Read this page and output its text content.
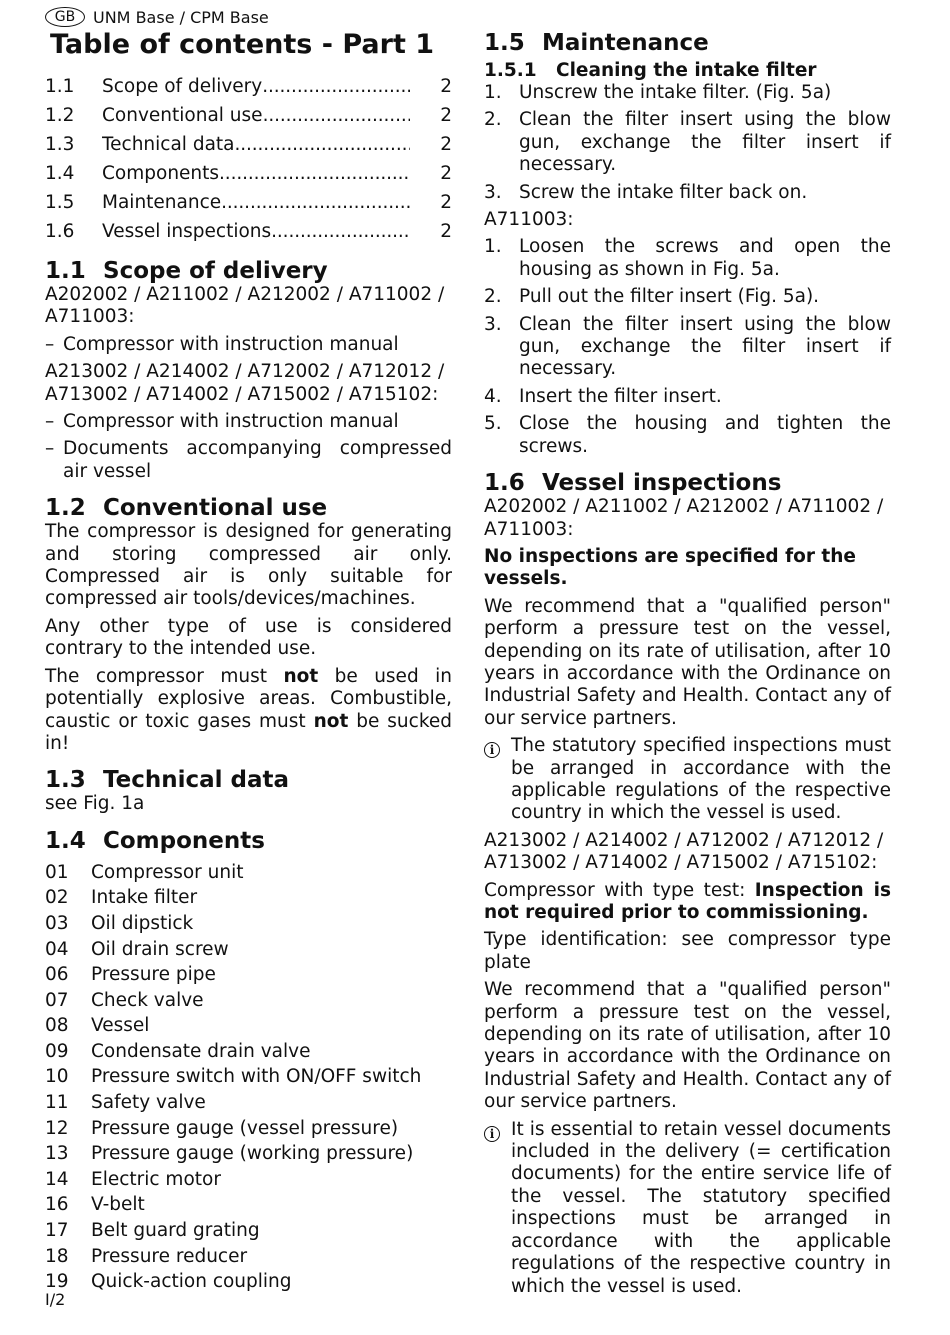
GB	UNM Base / CPM Base
Table of contents - Part 1
1.1	Scope of delivery . . .	2
1.2	Conventional use . . .	2
1.3	Technical data . . .	2
1.4	Components . . .	2
1.5	Maintenance . . .	2
1.6	Vessel inspections . . .	2
1.1 Scope of delivery

A202002 / A211002 / A212002 / A711002 / A711003:

– Compressor with instruction manual

A213002 / A214002 / A712002 / A712012 / A713002 / A714002 / A715002 / A715102:

– Compressor with instruction manual
– Documents accompanying compressed air vessel
1.2 Conventional use

The compressor is designed for generating and storing compressed air only. Compressed air is only suitable for compressed air tools/devices/machines.

Any other type of use is considered contrary to the intended use.

The compressor must not be used in potentially explosive areas. Combustible, caustic or toxic gases must not be sucked in!

1.3 Technical data

see Fig. 1a

1.4 Components
01	Compressor unit
02	Intake filter
03	Oil dipstick
04	Oil drain screw
06	Pressure pipe
07	Check valve
08	Vessel
09	Condensate drain valve
10	Pressure switch with ON/OFF switch
11	Safety valve
12	Pressure gauge (vessel pressure)
13	Pressure gauge (working pressure)
14	Electric motor
16	V-belt
17	Belt guard grating
18	Pressure reducer
19	Quick-action coupling
1.5 Maintenance
1.5.1	Cleaning the intake filter
1. Unscrew the intake filter. (Fig. 5a)
2. Clean the filter insert using the blow gun, exchange the filter insert if necessary.
3. Screw the intake filter back on.

A711003:

1. Loosen the screws and open the housing as shown in Fig. 5a.
2. Pull out the filter insert (Fig. 5a).
3. Clean the filter insert using the blow gun, exchange the filter insert if necessary.
4. Insert the filter insert.
5. Close the housing and tighten the screws.
1.6 Vessel inspections

A202002 / A211002 / A212002 / A711002 / A711003:

No inspections are specified for the vessels.

We recommend that a "qualified person" perform a pressure test on the vessel, depending on its rate of utilisation, after 10 years in accordance with the Ordinance on Industrial Safety and Health. Contact any of our service partners.

i The statutory specified inspections must be arranged in accordance with the applicable regulations of the respective country in which the vessel is used.

A213002 / A214002 / A712002 / A712012 / A713002 / A714002 / A715002 / A715102:

Compressor with type test: Inspection is not required prior to commissioning.

Type identification: see compressor type plate

We recommend that a "qualified person" perform a pressure test on the vessel, depending on its rate of utilisation, after 10 years in accordance with the Ordinance on Industrial Safety and Health. Contact any of our service partners.

i It is essential to retain vessel documents included in the delivery (= certification documents) for the entire service life of the vessel. The statutory specified inspections must be arranged in accordance with the applicable regulations of the respective country in which the vessel is used.
I/2
